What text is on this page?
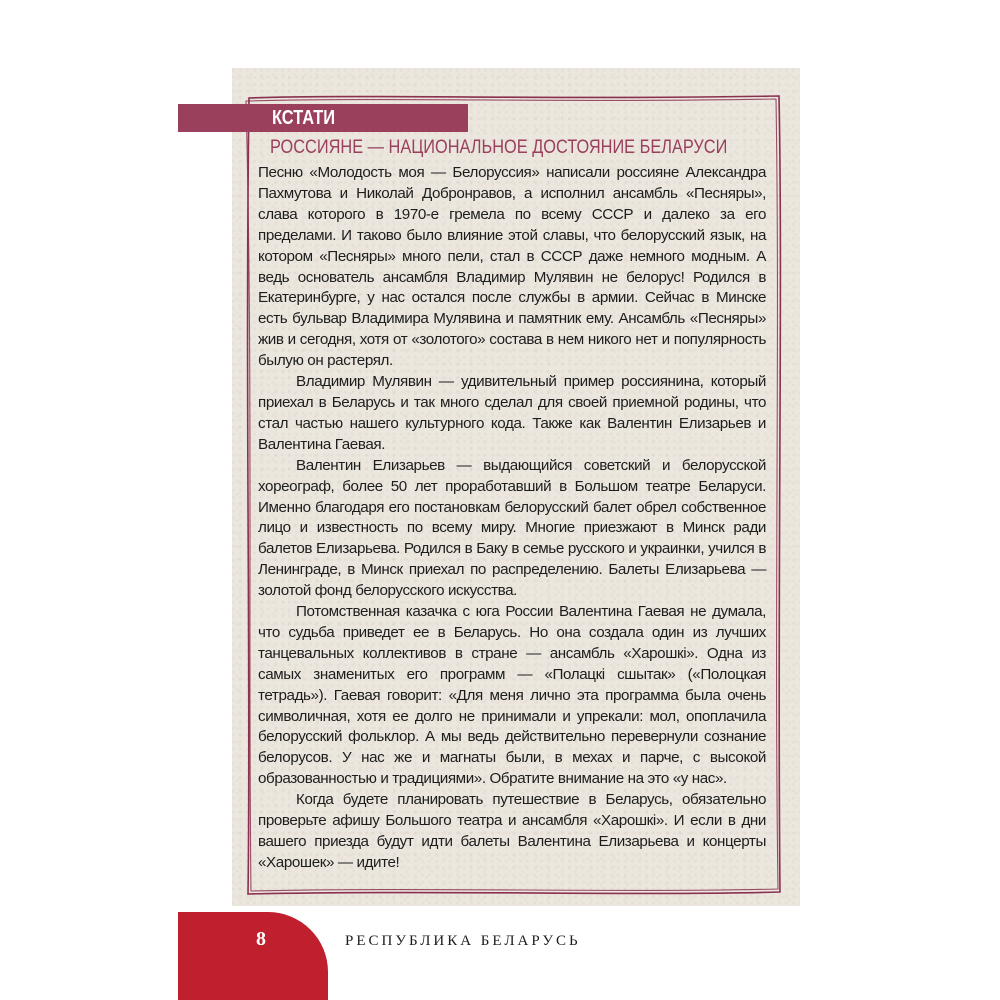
КСТАТИ
РОССИЯНЕ — НАЦИОНАЛЬНОЕ ДОСТОЯНИЕ БЕЛАРУСИ

Песню «Молодость моя — Белоруссия» написали россияне Александра Пахмутова и Николай Добронравов, а исполнил ансамбль «Песняры», слава которого в 1970-е гремела по всему СССР и далеко за его пределами. И таково было влияние этой славы, что белорусский язык, на котором «Песняры» много пели, стал в СССР даже немного модным. А ведь основатель ансамбля Владимир Мулявин не белорус! Родился в Екатеринбурге, у нас остался после службы в армии. Сейчас в Минске есть бульвар Владимира Мулявина и памятник ему. Ансамбль «Песняры» жив и сегодня, хотя от «золотого» состава в нем никого нет и популярность былую он растерял.

Владимир Мулявин — удивительный пример россиянина, который приехал в Беларусь и так много сделал для своей приемной родины, что стал частью нашего культурного кода. Также как Валентин Елизарьев и Валентина Гаевая.

Валентин Елизарьев — выдающийся советский и белорусской хореограф, более 50 лет проработавший в Большом театре Беларуси. Именно благодаря его постановкам белорусский балет обрел собственное лицо и известность по всему миру. Многие приезжают в Минск ради балетов Елизарьева. Родился в Баку в семье русского и украинки, учился в Ленинграде, в Минск приехал по распределению. Балеты Елизарьева — золотой фонд белорусского искусства.

Потомственная казачка с юга России Валентина Гаевая не думала, что судьба приведет ее в Беларусь. Но она создала один из лучших танцевальных коллективов в стране — ансамбль «Харошкі». Одна из самых знаменитых его программ — «Полацкі сшытак» («Полоцкая тетрадь»). Гаевая говорит: «Для меня лично эта программа была очень символичная, хотя ее долго не принимали и упрекали: мол, опоплачила белорусский фольклор. А мы ведь действительно перевернули сознание белорусов. У нас же и магнаты были, в мехах и парче, с высокой образованностью и традициями». Обратите внимание на это «у нас».

Когда будете планировать путешествие в Беларусь, обязательно проверьте афишу Большого театра и ансамбля «Харошкі». И если в дни вашего приезда будут идти балеты Валентина Елизарьева и концерты «Харошек» — идите!

8	РЕСПУБЛИКА БЕЛАРУСЬ
